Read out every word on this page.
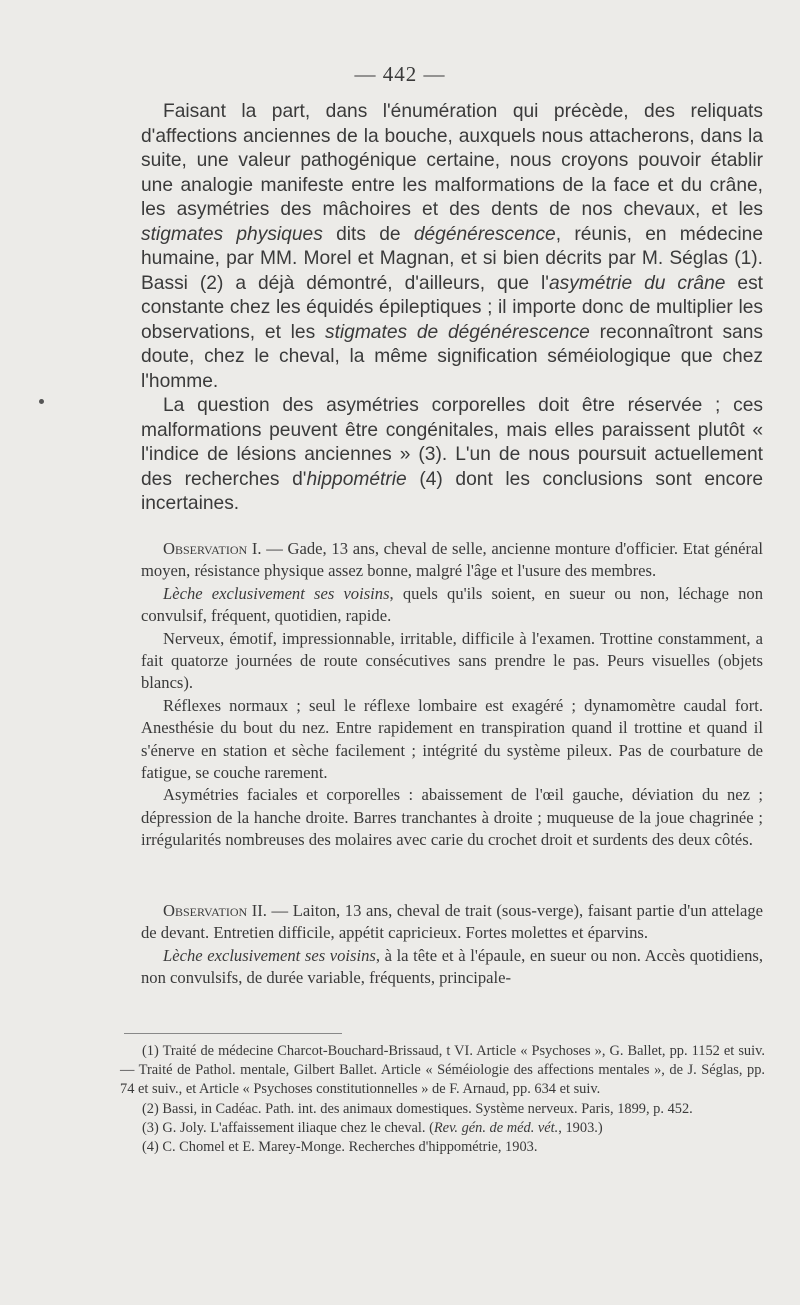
— 442 —

Faisant la part, dans l'énumération qui précède, des reliquats d'affections anciennes de la bouche, auxquels nous attacherons, dans la suite, une valeur pathogénique certaine, nous croyons pouvoir établir une analogie manifeste entre les malformations de la face et du crâne, les asymétries des mâchoires et des dents de nos chevaux, et les stigmates physiques dits de dégénérescence, réunis, en médecine humaine, par MM. Morel et Magnan, et si bien décrits par M. Séglas (1). Bassi (2) a déjà démontré, d'ailleurs, que l'asymétrie du crâne est constante chez les équidés épileptiques ; il importe donc de multiplier les observations, et les stigmates de dégénérescence reconnaîtront sans doute, chez le cheval, la même signification séméiologique que chez l'homme.

La question des asymétries corporelles doit être réservée ; ces malformations peuvent être congénitales, mais elles paraissent plutôt « l'indice de lésions anciennes » (3). L'un de nous poursuit actuellement des recherches d'hippométrie (4) dont les conclusions sont encore incertaines.

Observation I. — Gade, 13 ans, cheval de selle, ancienne monture d'officier. Etat général moyen, résistance physique assez bonne, malgré l'âge et l'usure des membres.

Lèche exclusivement ses voisins, quels qu'ils soient, en sueur ou non, léchage non convulsif, fréquent, quotidien, rapide.

Nerveux, émotif, impressionnable, irritable, difficile à l'examen. Trottine constamment, a fait quatorze journées de route consécutives sans prendre le pas. Peurs visuelles (objets blancs).

Réflexes normaux ; seul le réflexe lombaire est exagéré ; dynamomètre caudal fort. Anesthésie du bout du nez. Entre rapidement en transpiration quand il trottine et quand il s'énerve en station et sèche facilement ; intégrité du système pileux. Pas de courbature de fatigue, se couche rarement.

Asymétries faciales et corporelles : abaissement de l'œil gauche, déviation du nez ; dépression de la hanche droite. Barres tranchantes à droite ; muqueuse de la joue chagrinée ; irrégularités nombreuses des molaires avec carie du crochet droit et surdents des deux côtés.

Observation II. — Laiton, 13 ans, cheval de trait (sous-verge), faisant partie d'un attelage de devant. Entretien difficile, appétit capricieux. Fortes molettes et éparvins.

Lèche exclusivement ses voisins, à la tête et à l'épaule, en sueur ou non. Accès quotidiens, non convulsifs, de durée variable, fréquents, principale-

(1) Traité de médecine Charcot-Bouchard-Brissaud, t VI. Article « Psychoses », G. Ballet, pp. 1152 et suiv. — Traité de Pathol. mentale, Gilbert Ballet. Article « Séméiologie des affections mentales », de J. Séglas, pp. 74 et suiv., et Article « Psychoses constitutionnelles » de F. Arnaud, pp. 634 et suiv.

(2) Bassi, in Cadéac. Path. int. des animaux domestiques. Système nerveux. Paris, 1899, p. 452.

(3) G. Joly. L'affaissement iliaque chez le cheval. (Rev. gén. de méd. vét., 1903.)

(4) C. Chomel et E. Marey-Monge. Recherches d'hippométrie, 1903.
